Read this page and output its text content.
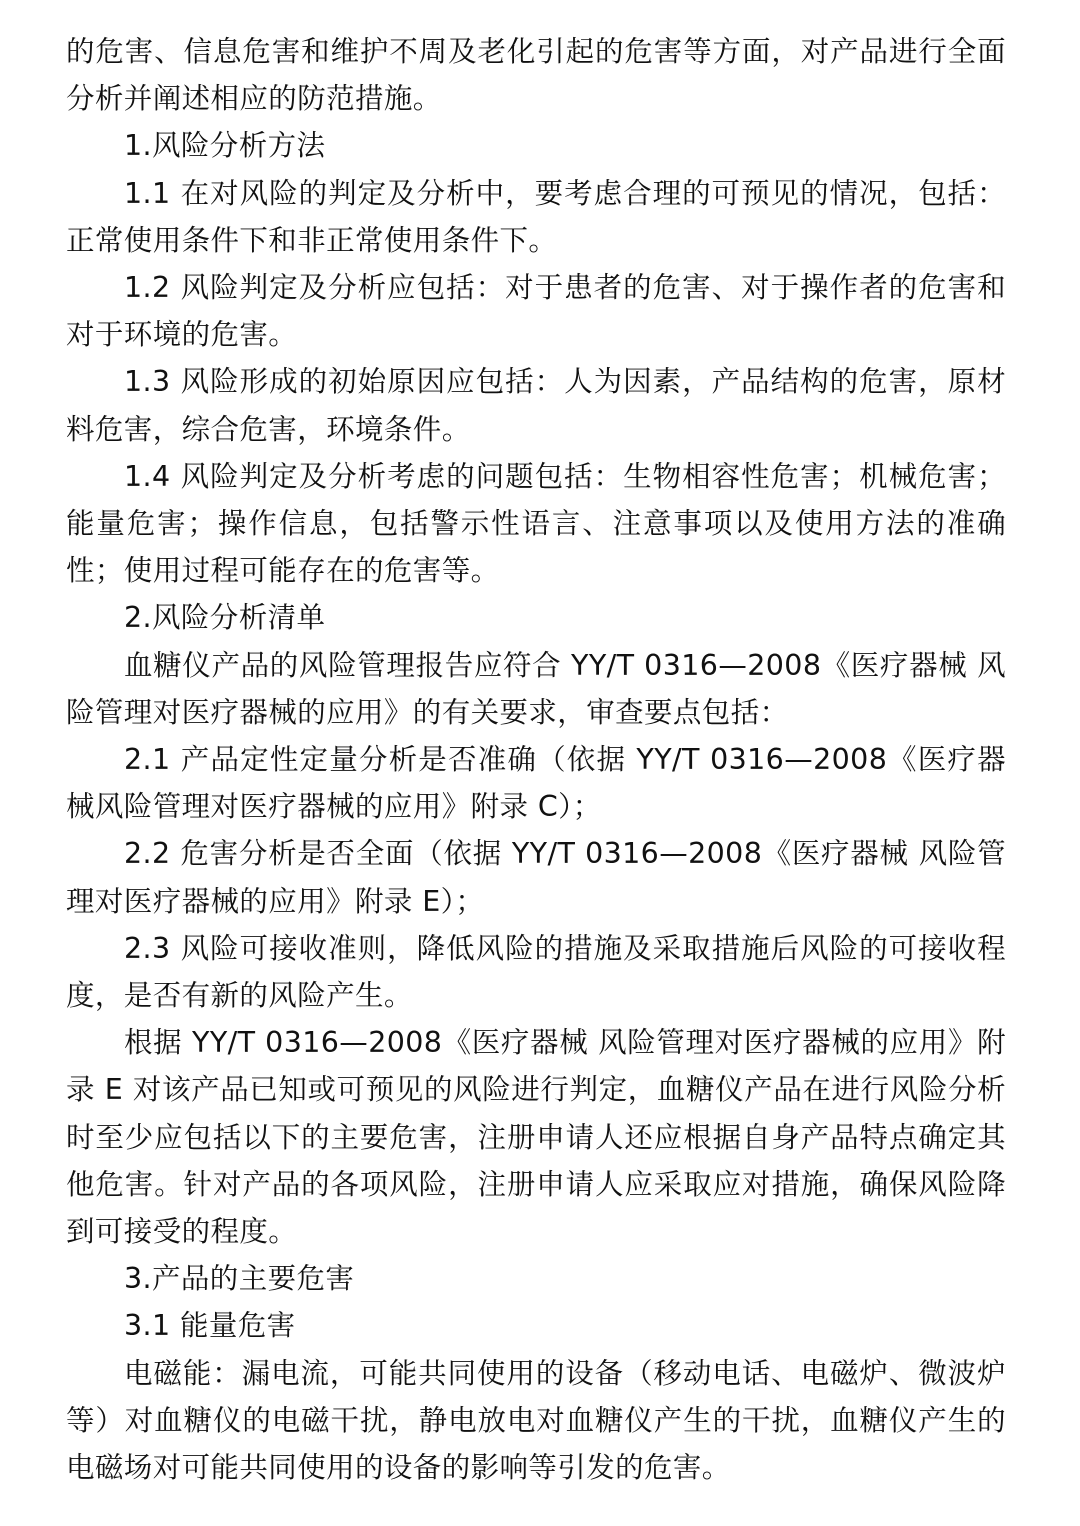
的危害、信息危害和维护不周及老化引起的危害等方面，对产品进行全面分析并阐述相应的防范措施。

1.风险分析方法

1.1 在对风险的判定及分析中，要考虑合理的可预见的情况，包括：正常使用条件下和非正常使用条件下。

1.2 风险判定及分析应包括：对于患者的危害、对于操作者的危害和对于环境的危害。

1.3 风险形成的初始原因应包括：人为因素，产品结构的危害，原材料危害，综合危害，环境条件。

1.4 风险判定及分析考虑的问题包括：生物相容性危害；机械危害；能量危害；操作信息，包括警示性语言、注意事项以及使用方法的准确性；使用过程可能存在的危害等。

2.风险分析清单

血糖仪产品的风险管理报告应符合 YY/T 0316—2008《医疗器械 风险管理对医疗器械的应用》的有关要求，审查要点包括：

2.1 产品定性定量分析是否准确（依据 YY/T 0316—2008《医疗器械风险管理对医疗器械的应用》附录 C）；

2.2 危害分析是否全面（依据 YY/T 0316—2008《医疗器械 风险管理对医疗器械的应用》附录 E）；

2.3 风险可接收准则，降低风险的措施及采取措施后风险的可接收程度，是否有新的风险产生。

根据 YY/T 0316—2008《医疗器械 风险管理对医疗器械的应用》附录 E 对该产品已知或可预见的风险进行判定，血糖仪产品在进行风险分析时至少应包括以下的主要危害，注册申请人还应根据自身产品特点确定其他危害。针对产品的各项风险，注册申请人应采取应对措施，确保风险降到可接受的程度。

3.产品的主要危害

3.1 能量危害

电磁能：漏电流，可能共同使用的设备（移动电话、电磁炉、微波炉等）对血糖仪的电磁干扰，静电放电对血糖仪产生的干扰，血糖仪产生的电磁场对可能共同使用的设备的影响等引发的危害。
